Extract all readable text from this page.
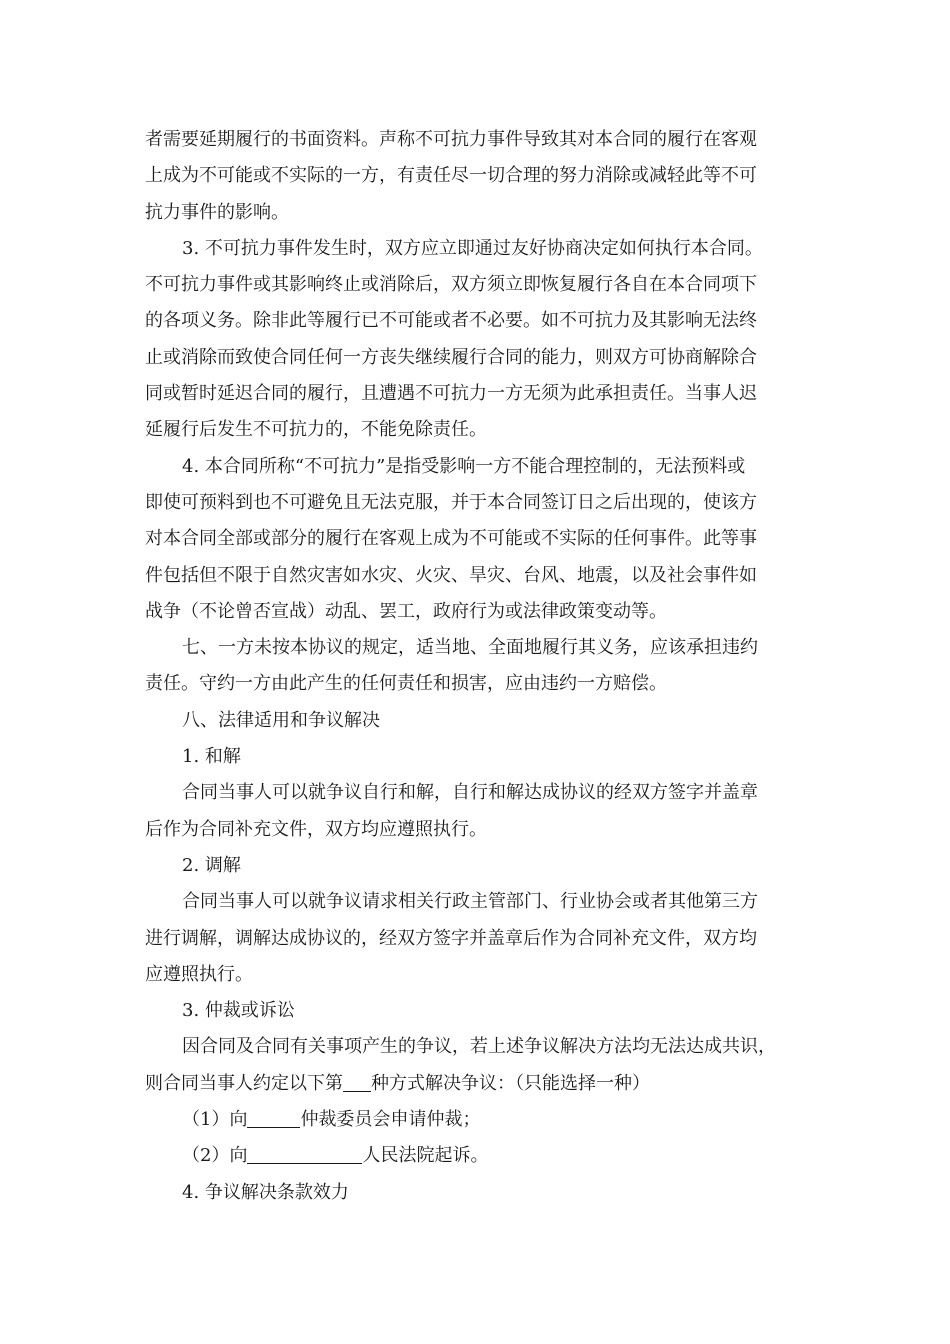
者需要延期履行的书面资料。声称不可抗力事件导致其对本合同的履行在客观
上成为不可能或不实际的一方，有责任尽一切合理的努力消除或减轻此等不可
抗力事件的影响。
3. 不可抗力事件发生时，双方应立即通过友好协商决定如何执行本合同。
不可抗力事件或其影响终止或消除后，双方须立即恢复履行各自在本合同项下
的各项义务。除非此等履行已不可能或者不必要。如不可抗力及其影响无法终
止或消除而致使合同任何一方丧失继续履行合同的能力，则双方可协商解除合
同或暂时延迟合同的履行，且遭遇不可抗力一方无须为此承担责任。当事人迟
延履行后发生不可抗力的，不能免除责任。
4. 本合同所称“不可抗力”是指受影响一方不能合理控制的，无法预料或
即使可预料到也不可避免且无法克服，并于本合同签订日之后出现的，使该方
对本合同全部或部分的履行在客观上成为不可能或不实际的任何事件。此等事
件包括但不限于自然灾害如水灾、火灾、旱灾、台风、地震，以及社会事件如
战争（不论曾否宣战）动乱、罢工，政府行为或法律政策变动等。
七、一方未按本协议的规定，适当地、全面地履行其义务，应该承担违约
责任。守约一方由此产生的任何责任和损害，应由违约一方赔偿。
八、法律适用和争议解决
1. 和解
合同当事人可以就争议自行和解，自行和解达成协议的经双方签字并盖章
后作为合同补充文件，双方均应遵照执行。
2. 调解
合同当事人可以就争议请求相关行政主管部门、行业协会或者其他第三方
进行调解，调解达成协议的，经双方签字并盖章后作为合同补充文件，双方均
应遵照执行。
3. 仲裁或诉讼
因合同及合同有关事项产生的争议，若上述争议解决方法均无法达成共识，
则合同当事人约定以下第 种方式解决争议：（只能选择一种）
（1）向	仲裁委员会申请仲裁；
（2）向	人民法院起诉。
4. 争议解决条款效力
